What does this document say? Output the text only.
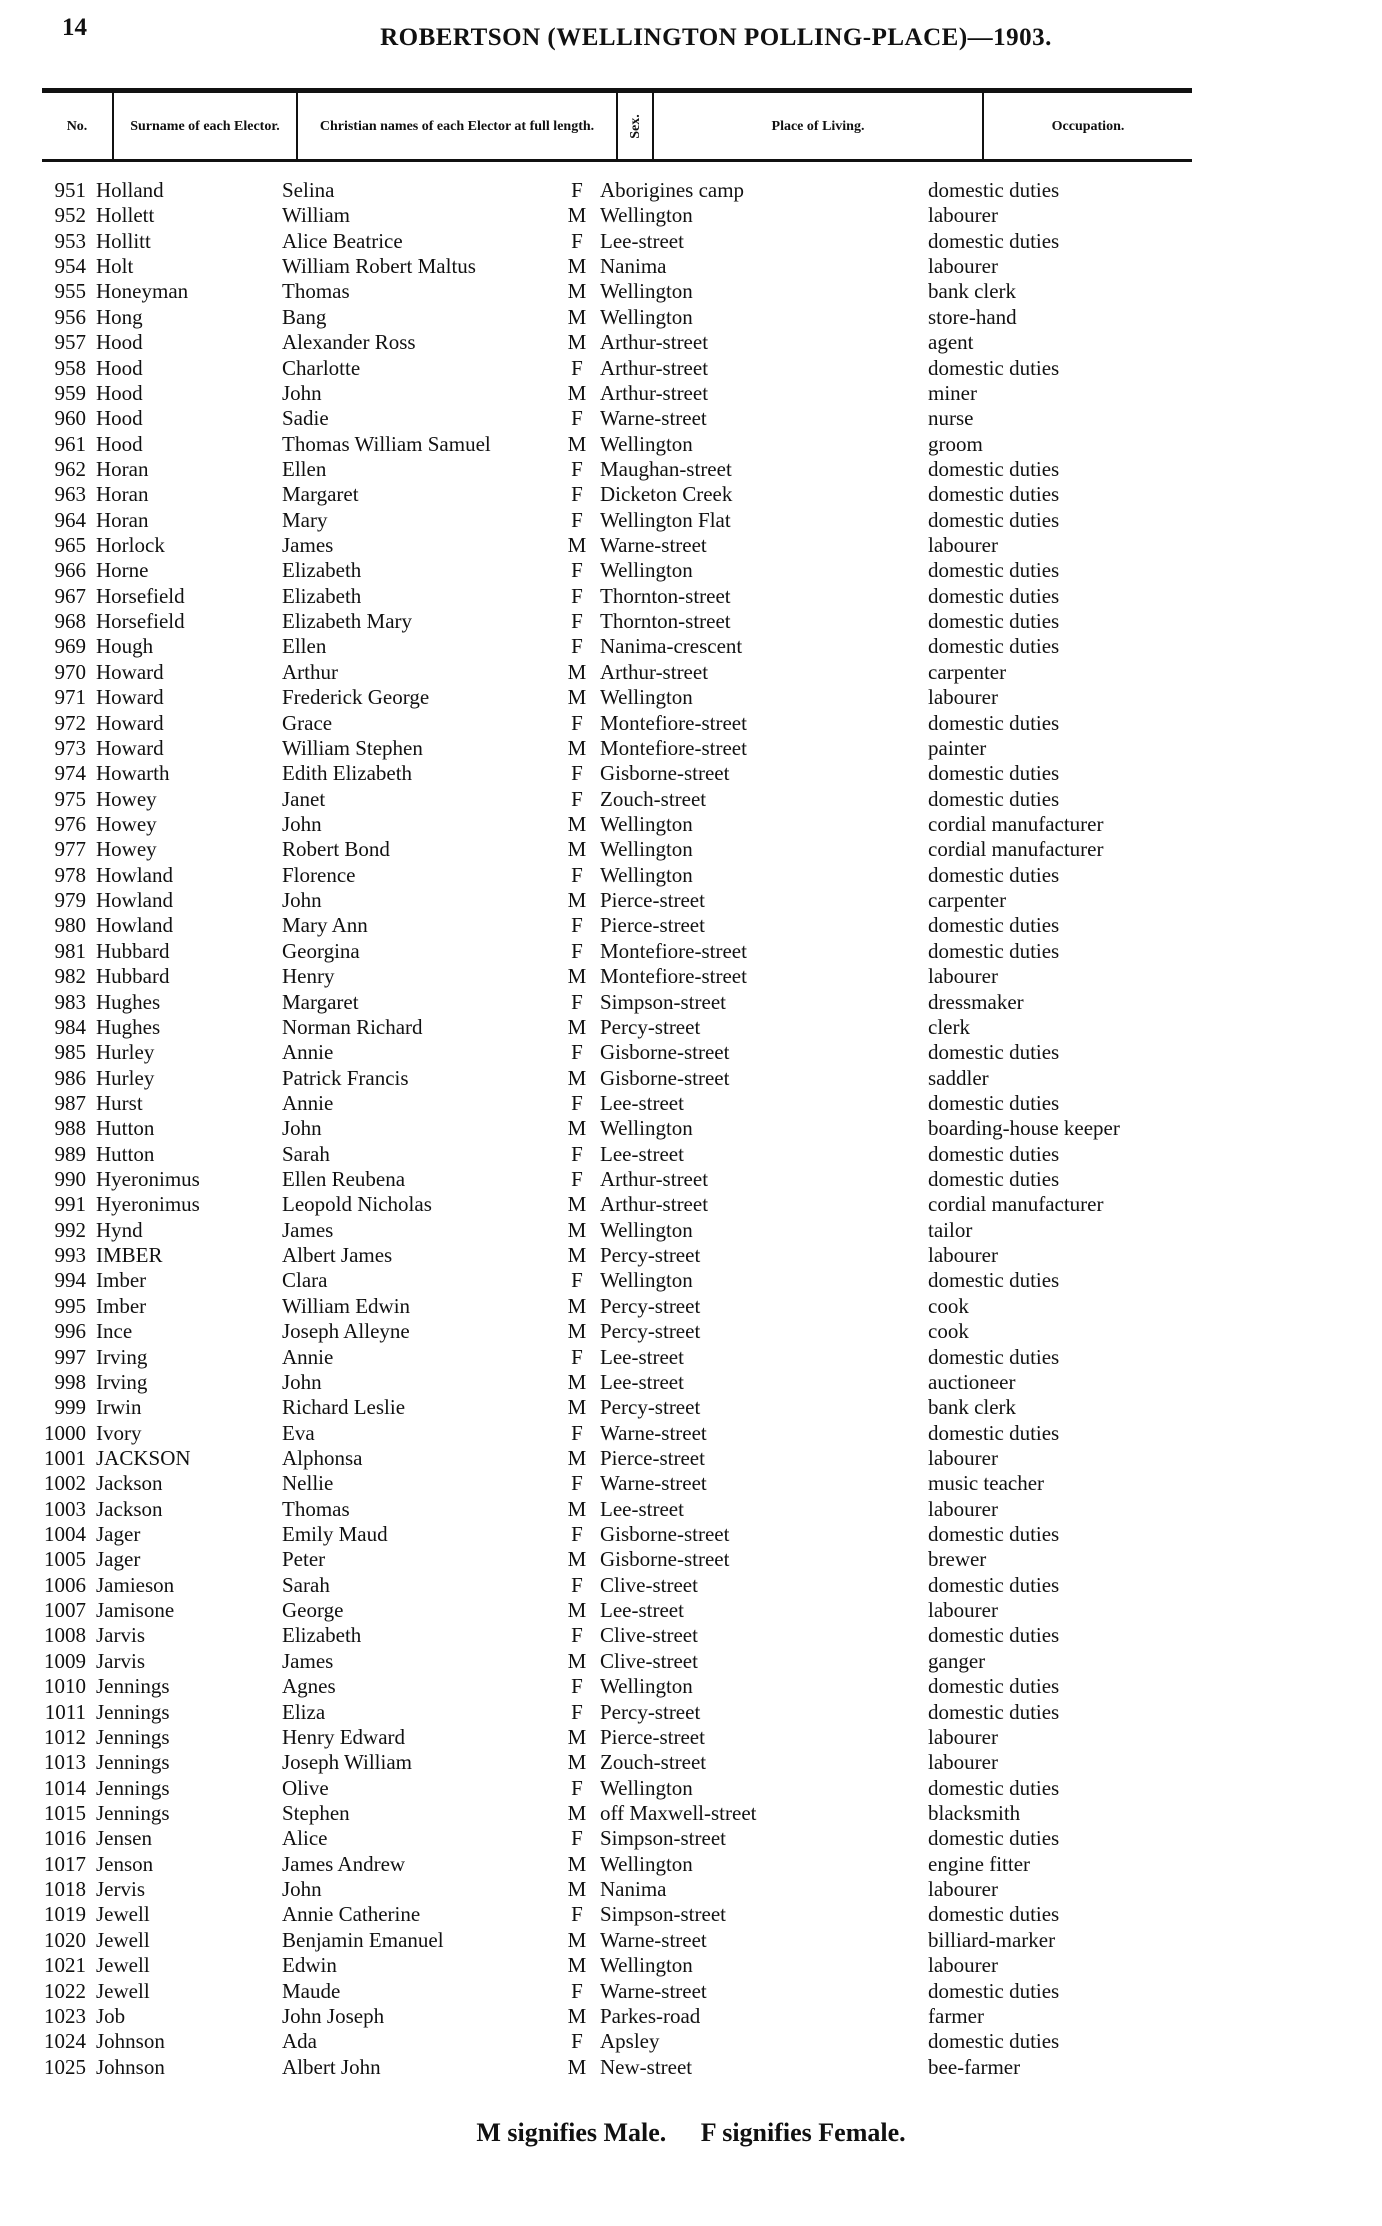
14	ROBERTSON (WELLINGTON POLLING-PLACE)—1903.
No.	Surname of each Elector.	Christian names of each Elector at full length.	Sex.	Place of Living.	Occupation.
951 Holland	Selina	F Aborigines camp	domestic duties
952 Hollett	William	M Wellington	labourer
953 Hollitt	Alice Beatrice	F Lee-street	domestic duties
954 Holt	William Robert Maltus	M Nanima	labourer
955 Honeyman	Thomas	M Wellington	bank clerk
956 Hong	Bang	M Wellington	store-hand
957 Hood	Alexander Ross	M Arthur-street	agent
958 Hood	Charlotte	F Arthur-street	domestic duties
959 Hood	John	M Arthur-street	miner
960 Hood	Sadie	F Warne-street	nurse
961 Hood	Thomas William Samuel	M Wellington	groom
962 Horan	Ellen	F Maughan-street	domestic duties
963 Horan	Margaret	F Dicketon Creek	domestic duties
964 Horan	Mary	F Wellington Flat	domestic duties
965 Horlock	James	M Warne-street	labourer
966 Horne	Elizabeth	F Wellington	domestic duties
967 Horsefield	Elizabeth	F Thornton-street	domestic duties
968 Horsefield	Elizabeth Mary	F Thornton-street	domestic duties
969 Hough	Ellen	F Nanima-crescent	domestic duties
970 Howard	Arthur	M Arthur-street	carpenter
971 Howard	Frederick George	M Wellington	labourer
972 Howard	Grace	F Montefiore-street	domestic duties
973 Howard	William Stephen	M Montefiore-street	painter
974 Howarth	Edith Elizabeth	F Gisborne-street	domestic duties
975 Howey	Janet	F Zouch-street	domestic duties
976 Howey	John	M Wellington	cordial manufacturer
977 Howey	Robert Bond	M Wellington	cordial manufacturer
978 Howland	Florence	F Wellington	domestic duties
979 Howland	John	M Pierce-street	carpenter
980 Howland	Mary Ann	F Pierce-street	domestic duties
981 Hubbard	Georgina	F Montefiore-street	domestic duties
982 Hubbard	Henry	M Montefiore-street	labourer
983 Hughes	Margaret	F Simpson-street	dressmaker
984 Hughes	Norman Richard	M Percy-street	clerk
985 Hurley	Annie	F Gisborne-street	domestic duties
986 Hurley	Patrick Francis	M Gisborne-street	saddler
987 Hurst	Annie	F Lee-street	domestic duties
988 Hutton	John	M Wellington	boarding-house keeper
989 Hutton	Sarah	F Lee-street	domestic duties
990 Hyeronimus	Ellen Reubena	F Arthur-street	domestic duties
991 Hyeronimus	Leopold Nicholas	M Arthur-street	cordial manufacturer
992 Hynd	James	M Wellington	tailor
993 IMBER	Albert James	M Percy-street	labourer
994 Imber	Clara	F Wellington	domestic duties
995 Imber	William Edwin	M Percy-street	cook
996 Ince	Joseph Alleyne	M Percy-street	cook
997 Irving	Annie	F Lee-street	domestic duties
998 Irving	John	M Lee-street	auctioneer
999 Irwin	Richard Leslie	M Percy-street	bank clerk
1000 Ivory	Eva	F Warne-street	domestic duties
1001 JACKSON	Alphonsa	M Pierce-street	labourer
1002 Jackson	Nellie	F Warne-street	music teacher
1003 Jackson	Thomas	M Lee-street	labourer
1004 Jager	Emily Maud	F Gisborne-street	domestic duties
1005 Jager	Peter	M Gisborne-street	brewer
1006 Jamieson	Sarah	F Clive-street	domestic duties
1007 Jamisone	George	M Lee-street	labourer
1008 Jarvis	Elizabeth	F Clive-street	domestic duties
1009 Jarvis	James	M Clive-street	ganger
1010 Jennings	Agnes	F Wellington	domestic duties
1011 Jennings	Eliza	F Percy-street	domestic duties
1012 Jennings	Henry Edward	M Pierce-street	labourer
1013 Jennings	Joseph William	M Zouch-street	labourer
1014 Jennings	Olive	F Wellington	domestic duties
1015 Jennings	Stephen	M off Maxwell-street	blacksmith
1016 Jensen	Alice	F Simpson-street	domestic duties
1017 Jenson	James Andrew	M Wellington	engine fitter
1018 Jervis	John	M Nanima	labourer
1019 Jewell	Annie Catherine	F Simpson-street	domestic duties
1020 Jewell	Benjamin Emanuel	M Warne-street	billiard-marker
1021 Jewell	Edwin	M Wellington	labourer
1022 Jewell	Maude	F Warne-street	domestic duties
1023 Job	John Joseph	M Parkes-road	farmer
1024 Johnson	Ada	F Apsley	domestic duties
1025 Johnson	Albert John	M New-street	bee-farmer
M signifies Male. F signifies Female.
